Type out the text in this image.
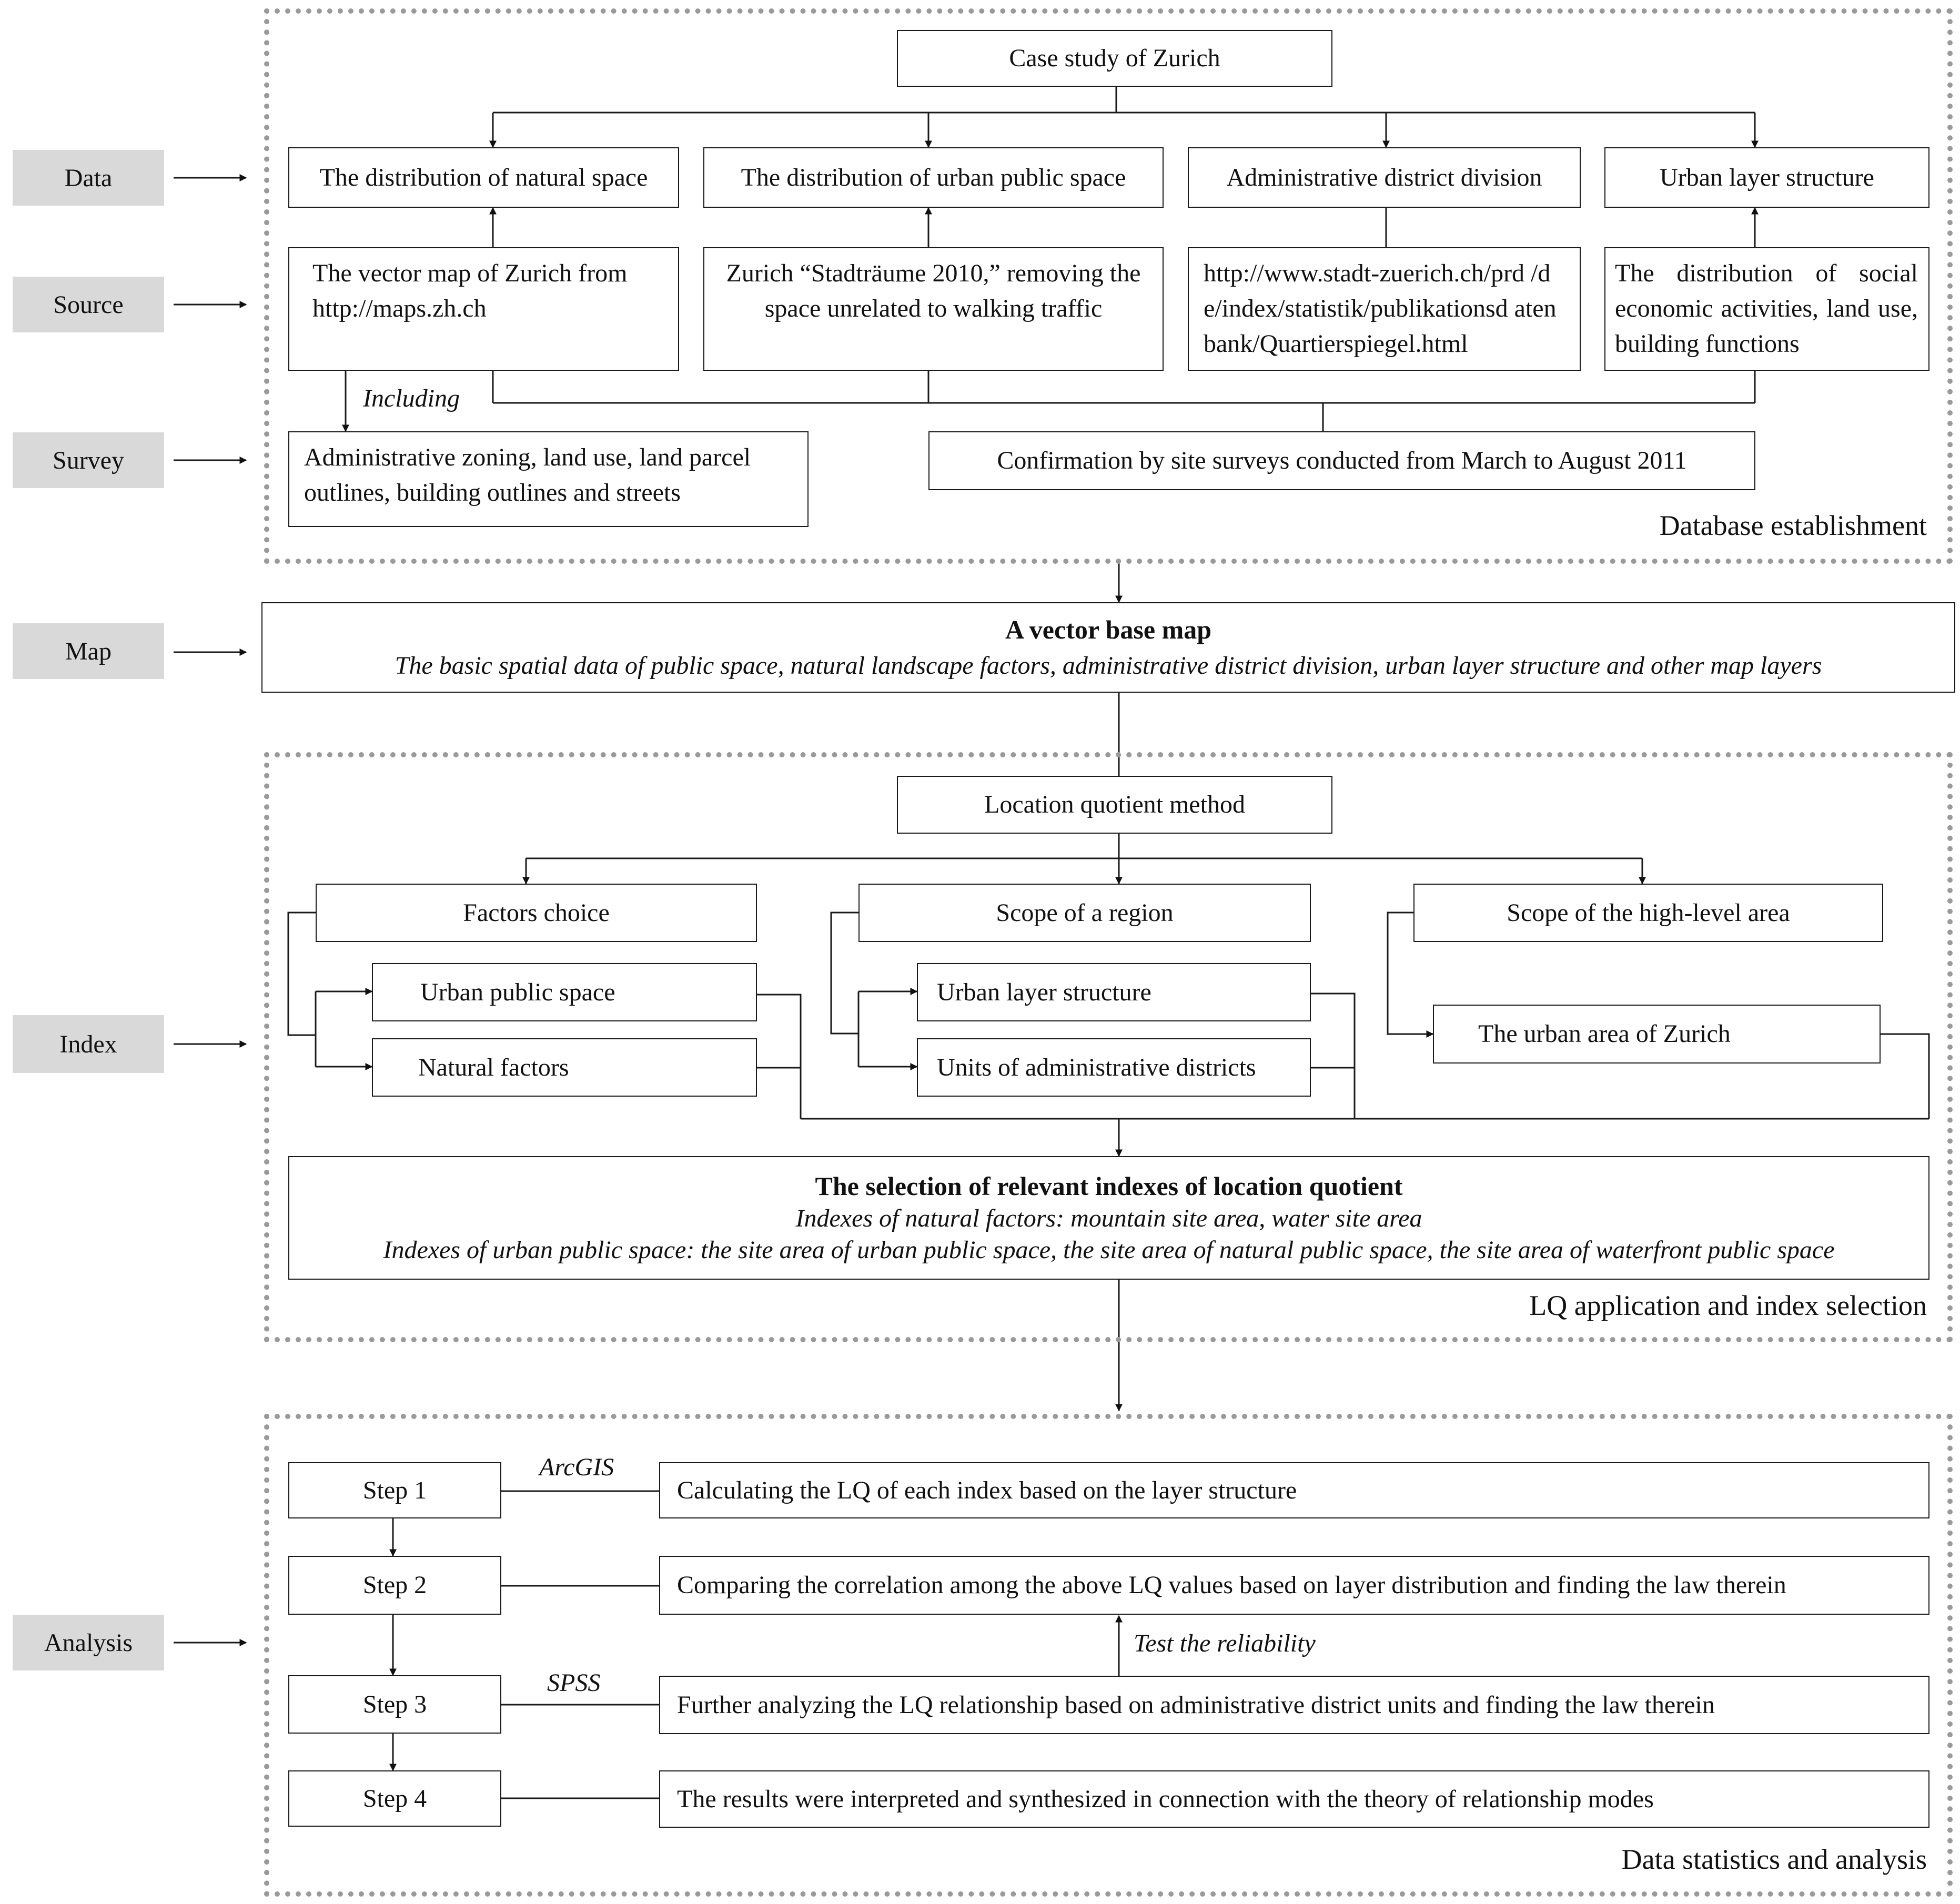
Data
Source
Survey
Map
Index
Analysis
Case study of Zurich
The distribution of natural space	The distribution of urban public space	Administrative district division	Urban layer structure
The vector map of Zurich from http://maps.zh.ch
Zurich “Stadträume 2010,” removing the space unrelated to walking traffic
http://www.stadt-zuerich.ch/prd /de/index/statistik/publikationsd atenbank/Quartierspiegel.html
The distribution of social economic activities, land use, building functions
Including
Administrative zoning, land use, land parcel outlines, building outlines and streets
Confirmation by site surveys conducted from March to August 2011
Database establishment
A vector base map
The basic spatial data of public space, natural landscape factors, administrative district division, urban layer structure and other map layers
Location quotient method
Factors choice
Urban public space
Natural factors
Scope of a region
Urban layer structure
Units of administrative districts
Scope of the high-level area
The urban area of Zurich
The selection of relevant indexes of location quotient
Indexes of natural factors: mountain site area, water site area
Indexes of urban public space: the site area of urban public space, the site area of natural public space, the site area of waterfront public space
LQ application and index selection
Step 1
Step 2
Step 3
Step 4
ArcGIS
SPSS
Calculating the LQ of each index based on the layer structure
Comparing the correlation among the above LQ values based on layer distribution and finding the law therein
Further analyzing the LQ relationship based on administrative district units and finding the law therein
The results were interpreted and synthesized in connection with the theory of relationship modes
Test the reliability
Data statistics and analysis
